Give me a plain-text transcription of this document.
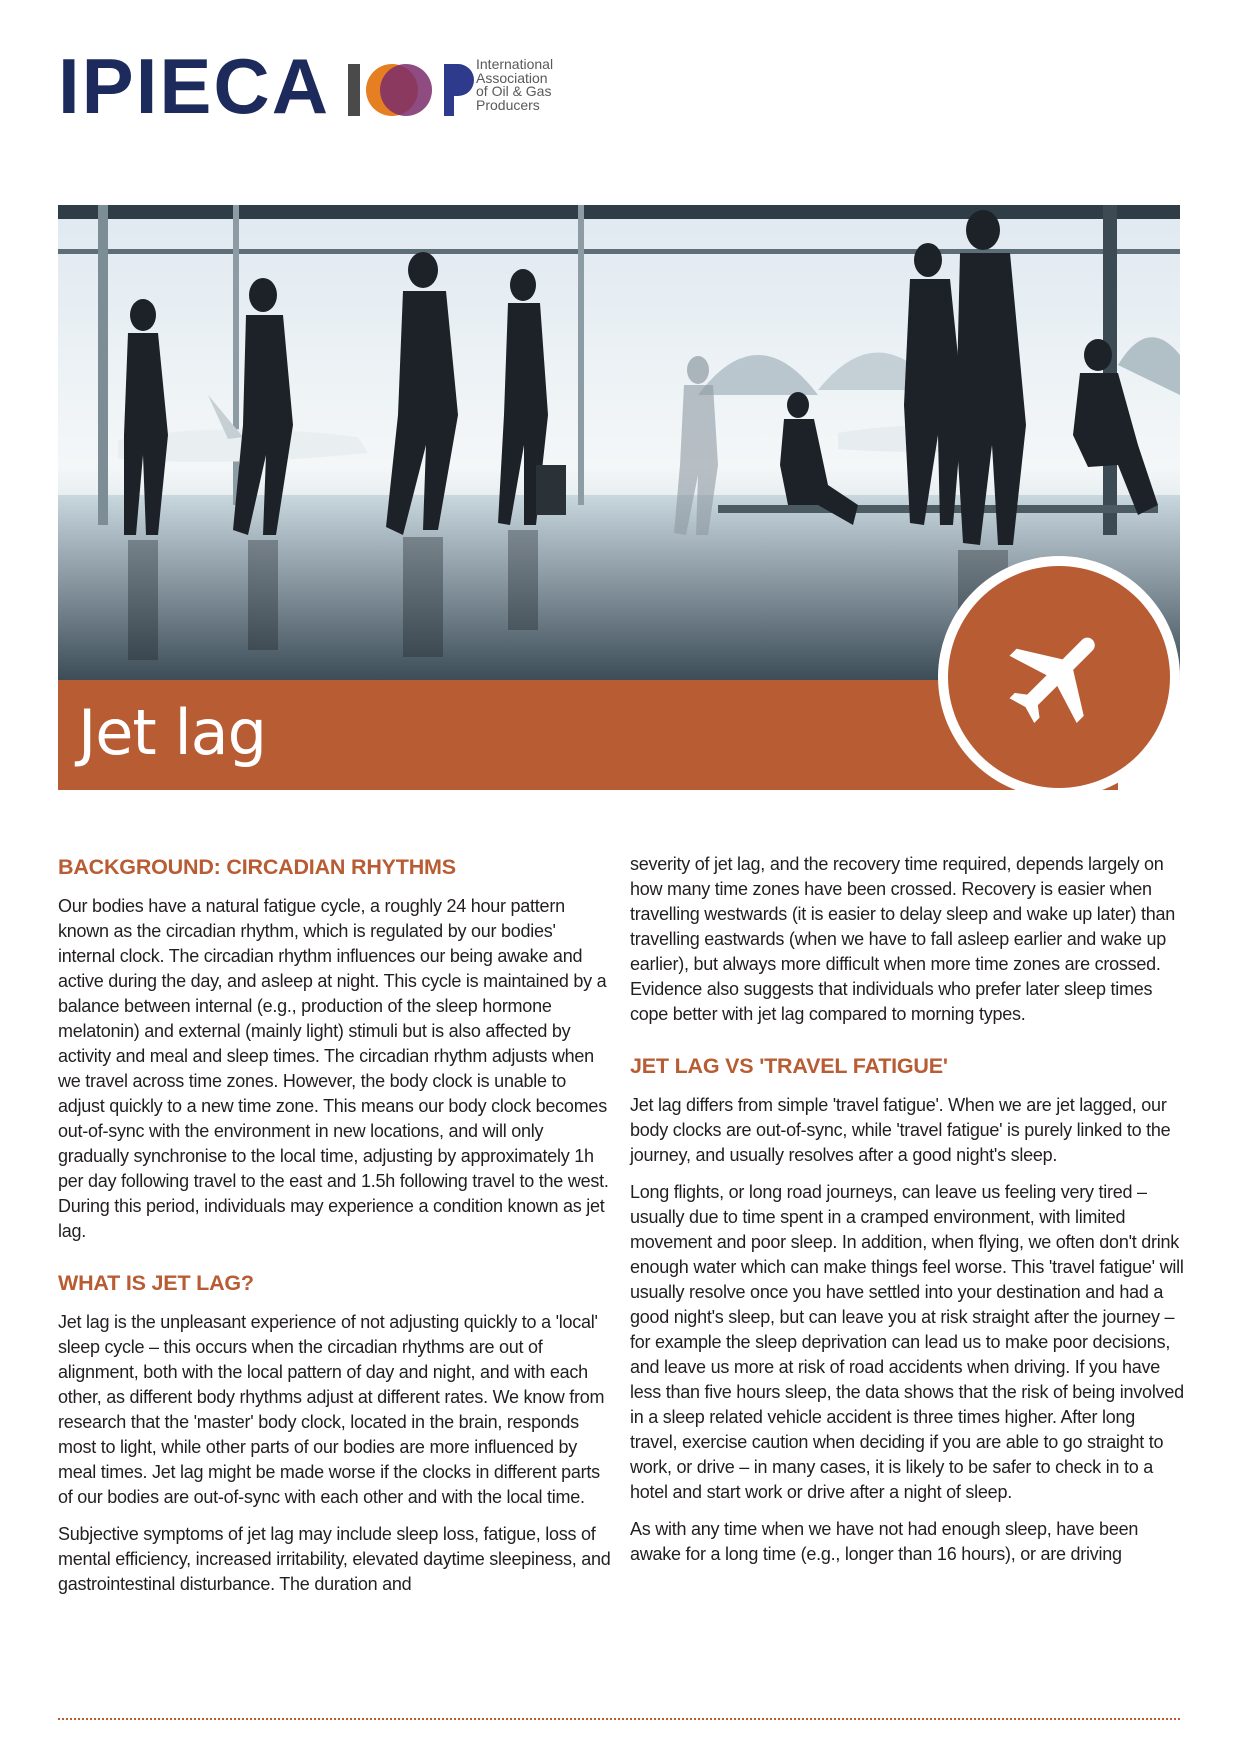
IPIECA	IOGP
International
Association
of Oil & Gas
Producers
Jet lag
BACKGROUND: CIRCADIAN RHYTHMS

Our bodies have a natural fatigue cycle, a roughly 24 hour pattern known as the circadian rhythm, which is regulated by our bodies' internal clock. The circadian rhythm influences our being awake and active during the day, and asleep at night. This cycle is maintained by a balance between internal (e.g., production of the sleep hormone melatonin) and external (mainly light) stimuli but is also affected by activity and meal and sleep times. The circadian rhythm adjusts when we travel across time zones. However, the body clock is unable to adjust quickly to a new time zone. This means our body clock becomes out-of-sync with the environment in new locations, and will only gradually synchronise to the local time, adjusting by approximately 1h per day following travel to the east and 1.5h following travel to the west. During this period, individuals may experience a condition known as jet lag.

WHAT IS JET LAG?

Jet lag is the unpleasant experience of not adjusting quickly to a 'local' sleep cycle – this occurs when the circadian rhythms are out of alignment, both with the local pattern of day and night, and with each other, as different body rhythms adjust at different rates. We know from research that the 'master' body clock, located in the brain, responds most to light, while other parts of our bodies are more influenced by meal times. Jet lag might be made worse if the clocks in different parts of our bodies are out-of-sync with each other and with the local time.

Subjective symptoms of jet lag may include sleep loss, fatigue, loss of mental efficiency, increased irritability, elevated daytime sleepiness, and gastrointestinal disturbance. The duration and

severity of jet lag, and the recovery time required, depends largely on how many time zones have been crossed. Recovery is easier when travelling westwards (it is easier to delay sleep and wake up later) than travelling eastwards (when we have to fall asleep earlier and wake up earlier), but always more difficult when more time zones are crossed. Evidence also suggests that individuals who prefer later sleep times cope better with jet lag compared to morning types.

JET LAG VS 'TRAVEL FATIGUE'

Jet lag differs from simple 'travel fatigue'. When we are jet lagged, our body clocks are out-of-sync, while 'travel fatigue' is purely linked to the journey, and usually resolves after a good night's sleep.

Long flights, or long road journeys, can leave us feeling very tired – usually due to time spent in a cramped environment, with limited movement and poor sleep. In addition, when flying, we often don't drink enough water which can make things feel worse. This 'travel fatigue' will usually resolve once you have settled into your destination and had a good night's sleep, but can leave you at risk straight after the journey – for example the sleep deprivation can lead us to make poor decisions, and leave us more at risk of road accidents when driving. If you have less than five hours sleep, the data shows that the risk of being involved in a sleep related vehicle accident is three times higher. After long travel, exercise caution when deciding if you are able to go straight to work, or drive – in many cases, it is likely to be safer to check in to a hotel and start work or drive after a night of sleep.

As with any time when we have not had enough sleep, have been awake for a long time (e.g., longer than 16 hours), or are driving
